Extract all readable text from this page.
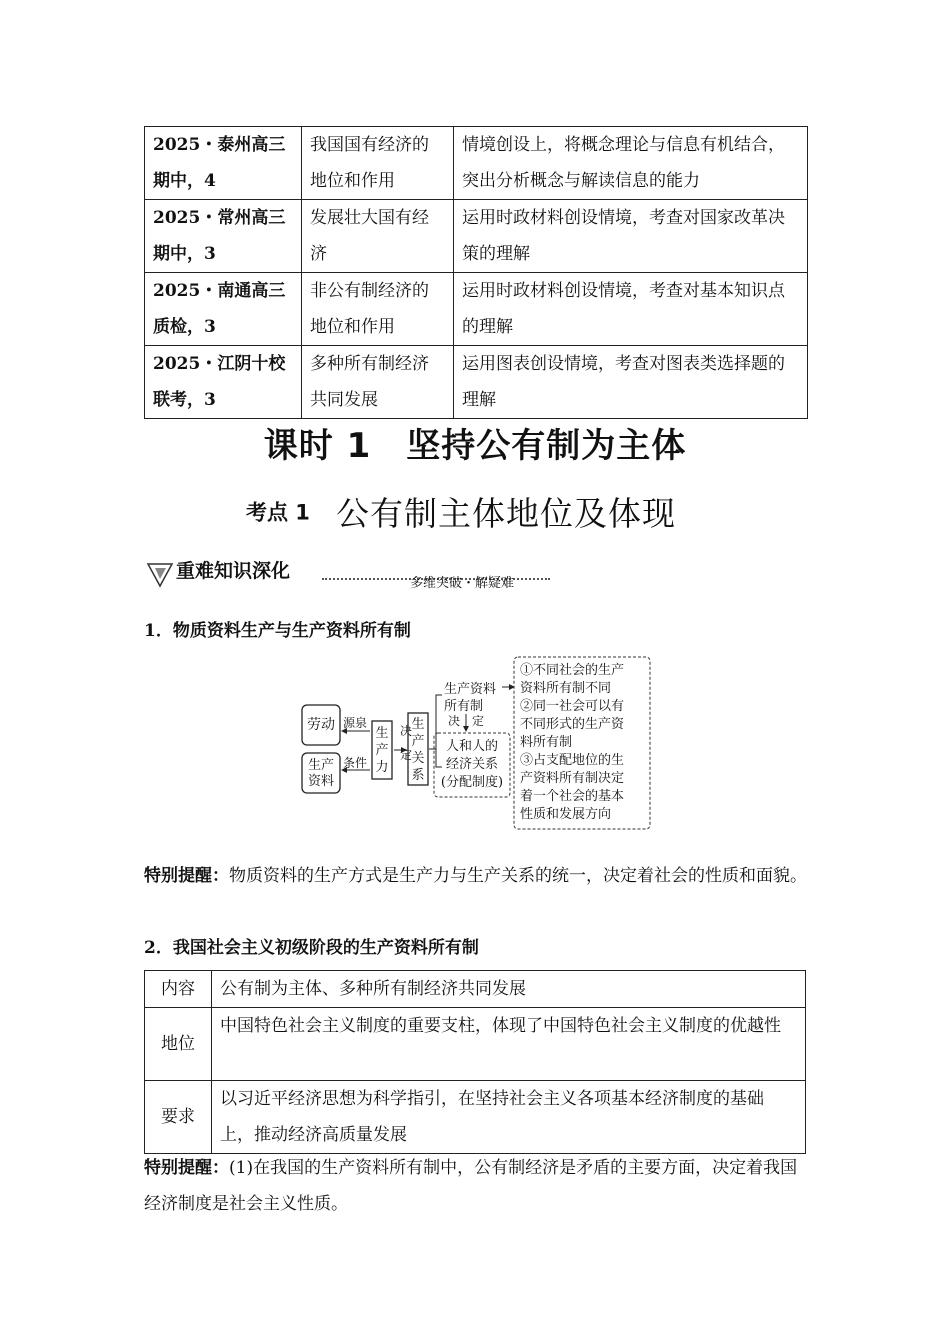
2025・泰州高三期中，4	我国国有经济的地位和作用	情境创设上，将概念理论与信息有机结合，突出分析概念与解读信息的能力
2025・常州高三期中，3	发展壮大国有经济	运用时政材料创设情境，考查对国家改革决策的理解
2025・南通高三质检，3	非公有制经济的地位和作用	运用时政材料创设情境，考查对基本知识点的理解
2025・江阴十校联考，3	多种所有制经济共同发展	运用图表创设情境，考查对图表类选择题的理解
课时 1　坚持公有制为主体
考点 1 公有制主体地位及体现
重难知识深化
多维突破・解疑难
1．物质资料生产与生产资料所有制
劳动
生产
资料
生
产
力
源泉
条件
决
定
生
产
关
系
生产资料
所有制
决 定
人和人的
经济关系
(分配制度)
①不同社会的生产
资料所有制不同
②同一社会可以有
不同形式的生产资
料所有制
③占支配地位的生
产资料所有制决定
着一个社会的基本
性质和发展方向
特别提醒：物质资料的生产方式是生产力与生产关系的统一，决定着社会的性质和面貌。
2．我国社会主义初级阶段的生产资料所有制
内容	公有制为主体、多种所有制经济共同发展
地位	中国特色社会主义制度的重要支柱，体现了中国特色社会主义制度的优越性
要求	以习近平经济思想为科学指引，在坚持社会主义各项基本经济制度的基础上，推动经济高质量发展
特别提醒：(1)在我国的生产资料所有制中，公有制经济是矛盾的主要方面，决定着我国经济制度是社会主义性质。
